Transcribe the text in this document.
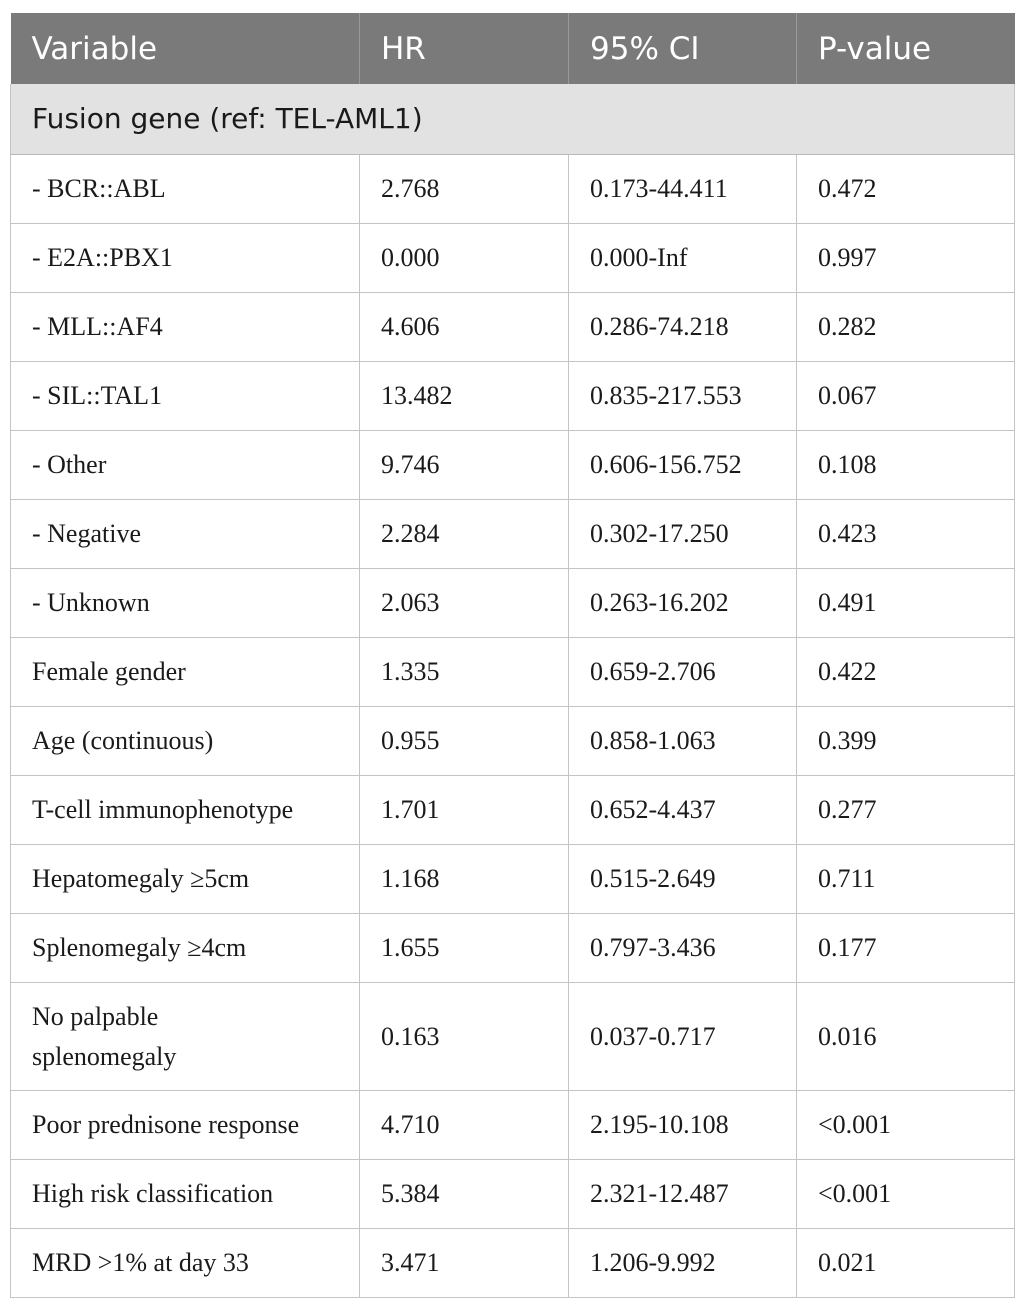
Variable	HR	95% CI	P-value
Fusion gene (ref: TEL-AML1)			
- BCR::ABL	2.768	0.173-44.411	0.472
- E2A::PBX1	0.000	0.000-Inf	0.997
- MLL::AF4	4.606	0.286-74.218	0.282
- SIL::TAL1	13.482	0.835-217.553	0.067
- Other	9.746	0.606-156.752	0.108
- Negative	2.284	0.302-17.250	0.423
- Unknown	2.063	0.263-16.202	0.491
Female gender	1.335	0.659-2.706	0.422
Age (continuous)	0.955	0.858-1.063	0.399
T-cell immunophenotype	1.701	0.652-4.437	0.277
Hepatomegaly ≥5cm	1.168	0.515-2.649	0.711
Splenomegaly ≥4cm	1.655	0.797-3.436	0.177
No palpable splenomegaly	0.163	0.037-0.717	0.016
Poor prednisone response	4.710	2.195-10.108	<0.001
High risk classification	5.384	2.321-12.487	<0.001
MRD >1% at day 33	3.471	1.206-9.992	0.021
